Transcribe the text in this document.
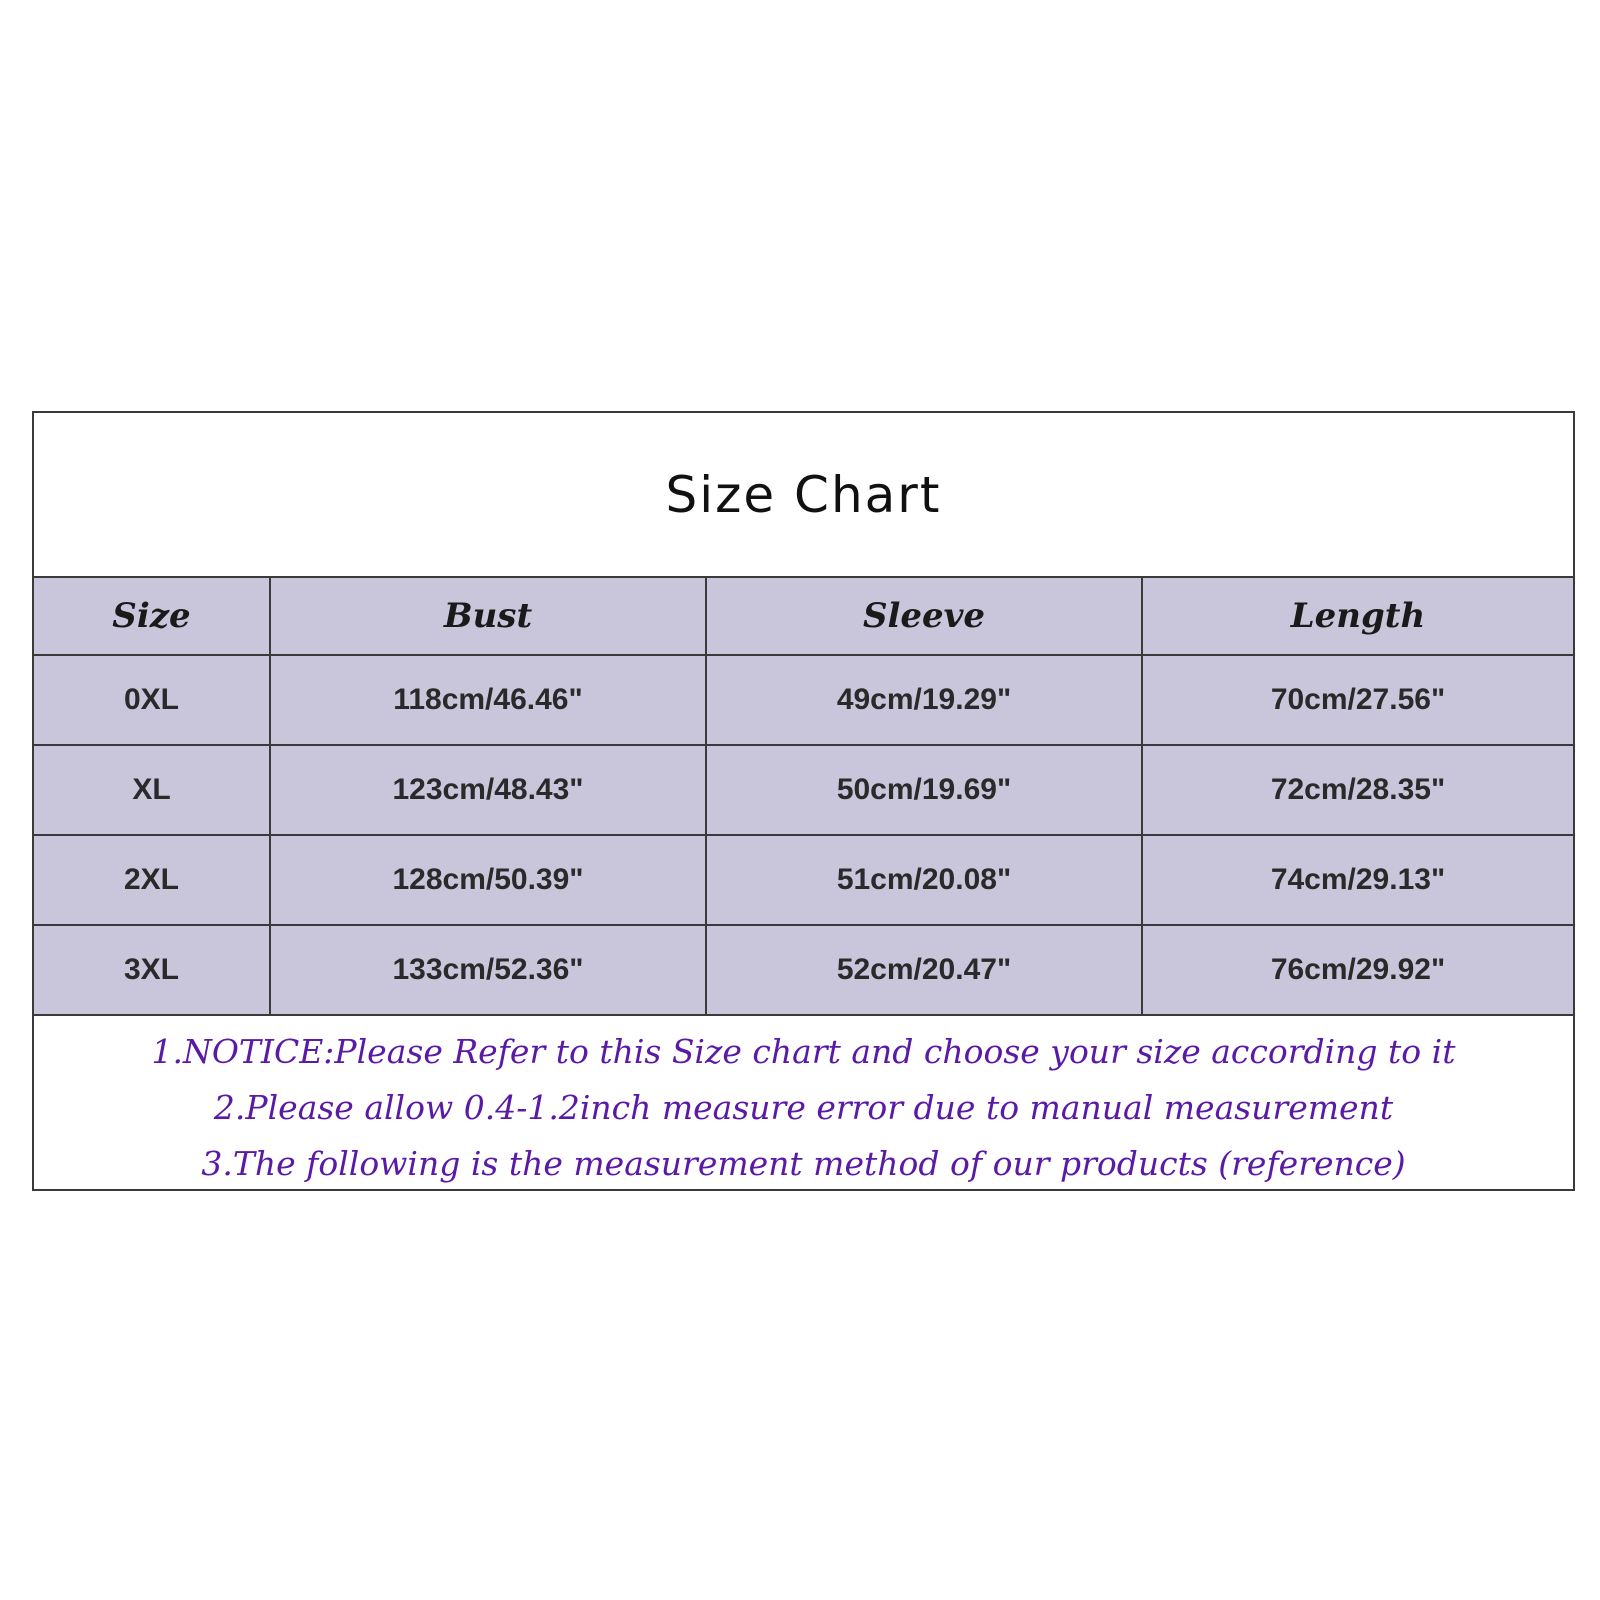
Size Chart
Size	Bust	Sleeve	Length
0XL	118cm/46.46"	49cm/19.29"	70cm/27.56"
XL	123cm/48.43"	50cm/19.69"	72cm/28.35"
2XL	128cm/50.39"	51cm/20.08"	74cm/29.13"
3XL	133cm/52.36"	52cm/20.47"	76cm/29.92"
1.NOTICE:Please Refer to this Size chart and choose your size according to it
2.Please allow 0.4-1.2inch measure error due to manual measurement
3.The following is the measurement method of our products (reference)
